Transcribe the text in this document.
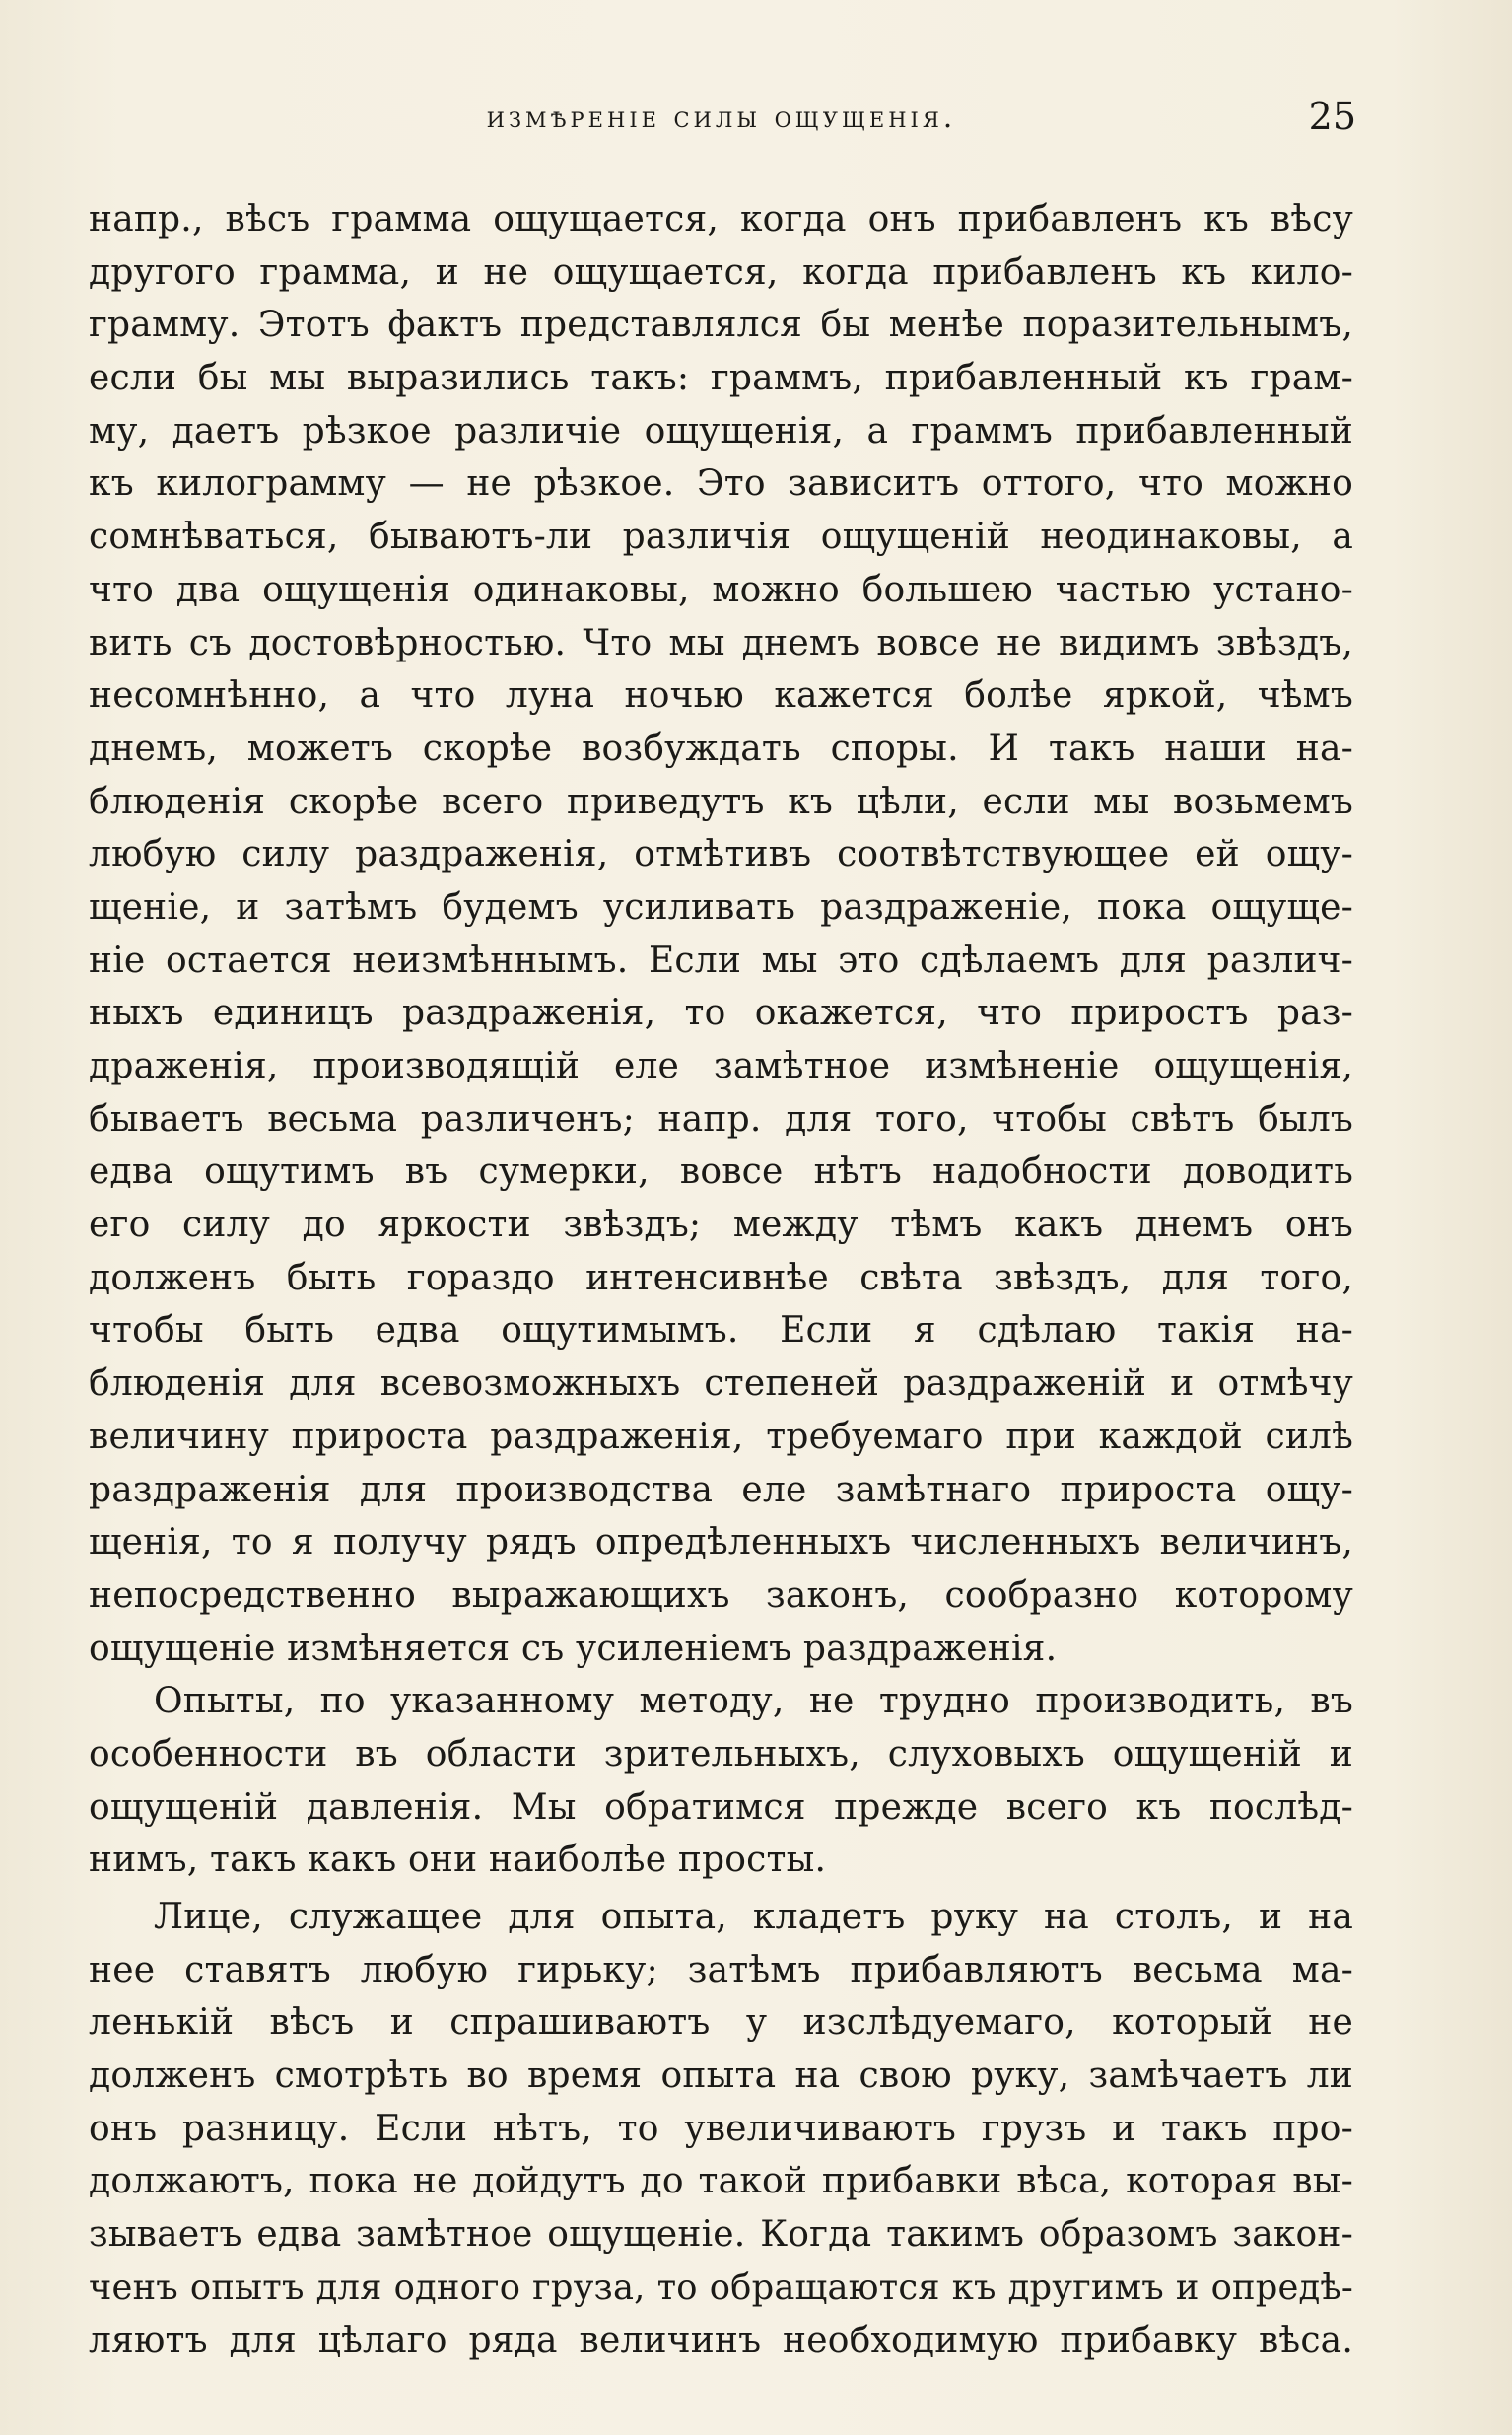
измѣреніе силы ощущенія.	25
напр., вѣсъ грамма ощущается, когда онъ прибавленъ къ вѣсу
другого грамма, и не ощущается, когда прибавленъ къ кило-
грамму. Этотъ фактъ представлялся бы менѣе поразительнымъ,
если бы мы выразились такъ: граммъ, прибавленный къ грам-
му, даетъ рѣзкое различіе ощущенія, а граммъ прибавленный
къ килограмму — не рѣзкое. Это зависитъ оттого, что можно
сомнѣваться, бываютъ-ли различія ощущеній неодинаковы, а
что два ощущенія одинаковы, можно большею частью устано-
вить съ достовѣрностью. Что мы днемъ вовсе не видимъ звѣздъ,
несомнѣнно, а что луна ночью кажется болѣе яркой, чѣмъ
днемъ, можетъ скорѣе возбуждать споры. И такъ наши на-
блюденія скорѣе всего приведутъ къ цѣли, если мы возьмемъ
любую силу раздраженія, отмѣтивъ соотвѣтствующее ей ощу-
щеніе, и затѣмъ будемъ усиливать раздраженіе, пока ощуще-
ніе остается неизмѣннымъ. Если мы это сдѣлаемъ для различ-
ныхъ единицъ раздраженія, то окажется, что приростъ раз-
драженія, производящій еле замѣтное измѣненіе ощущенія,
бываетъ весьма различенъ; напр. для того, чтобы свѣтъ былъ
едва ощутимъ въ сумерки, вовсе нѣтъ надобности доводить
его силу до яркости звѣздъ; между тѣмъ какъ днемъ онъ
долженъ быть гораздо интенсивнѣе свѣта звѣздъ, для того,
чтобы быть едва ощутимымъ. Если я сдѣлаю такія на-
блюденія для всевозможныхъ степеней раздраженій и отмѣчу
величину прироста раздраженія, требуемаго при каждой силѣ
раздраженія для производства еле замѣтнаго прироста ощу-
щенія, то я получу рядъ опредѣленныхъ численныхъ величинъ,
непосредственно выражающихъ законъ, сообразно которому
ощущеніе измѣняется съ усиленіемъ раздраженія.
Опыты, по указанному методу, не трудно производить, въ
особенности въ области зрительныхъ, слуховыхъ ощущеній и
ощущеній давленія. Мы обратимся прежде всего къ послѣд-
нимъ, такъ какъ они наиболѣе просты.
Лице, служащее для опыта, кладетъ руку на столъ, и на
нее ставятъ любую гирьку; затѣмъ прибавляютъ весьма ма-
ленькій вѣсъ и спрашиваютъ у изслѣдуемаго, который не
долженъ смотрѣть во время опыта на свою руку, замѣчаетъ ли
онъ разницу. Если нѣтъ, то увеличиваютъ грузъ и такъ про-
должаютъ, пока не дойдутъ до такой прибавки вѣса, которая вы-
зываетъ едва замѣтное ощущеніе. Когда такимъ образомъ закон-
ченъ опытъ для одного груза, то обращаются къ другимъ и опредѣ-
ляютъ для цѣлаго ряда величинъ необходимую прибавку вѣса.
